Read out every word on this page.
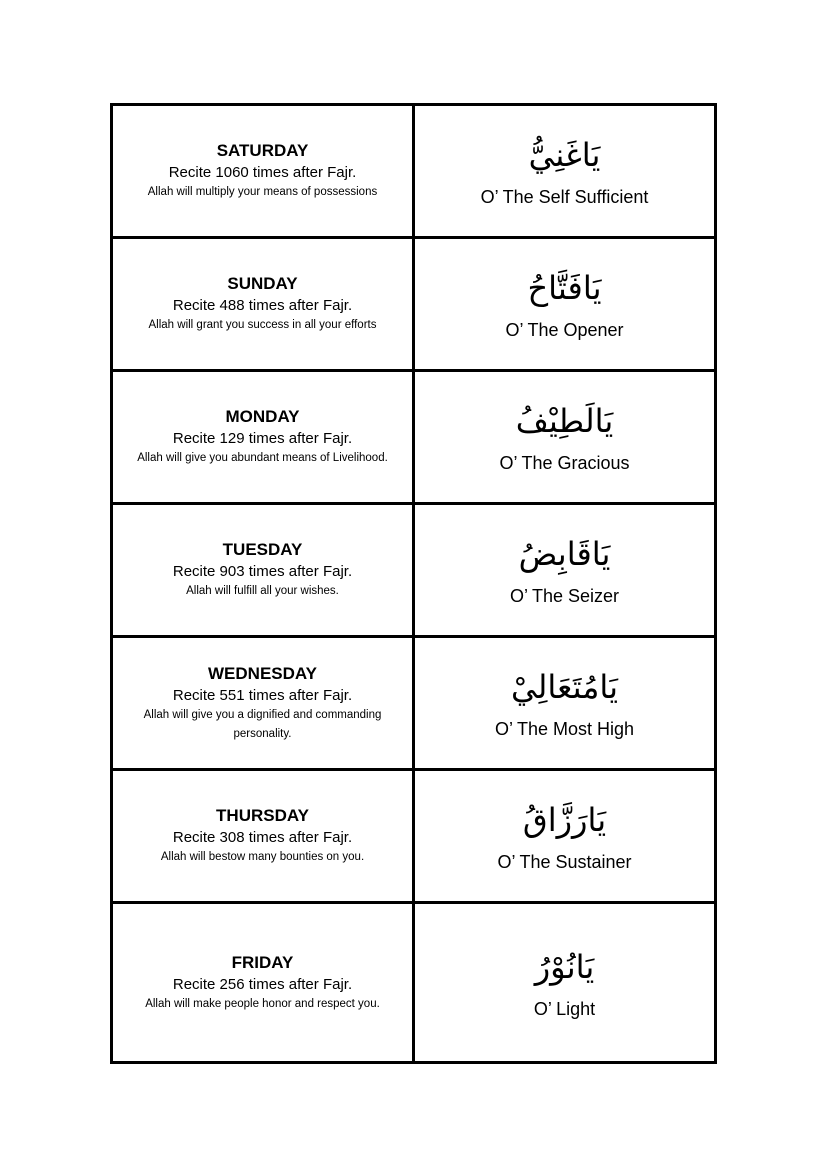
SATURDAY
Recite 1060 times after Fajr.
Allah will multiply your means of possessions
يَاغَنِيُّ
O’ The Self Sufficient
SUNDAY
Recite 488 times after Fajr.
Allah will grant you success in all your efforts
يَافَتَّاحُ
O’ The Opener
MONDAY
Recite 129 times after Fajr.
Allah will give you abundant means of Livelihood.
يَالَطِيْفُ
O’ The Gracious
TUESDAY
Recite 903 times after Fajr.
Allah will fulfill all your wishes.
يَاقَابِضُ
O’ The Seizer
WEDNESDAY
Recite 551 times after Fajr.
Allah will give you a dignified and commanding personality.
يَامُتَعَالِيْ
O’ The Most High
THURSDAY
Recite 308 times after Fajr.
Allah will bestow many bounties on you.
يَارَزَّاقُ
O’ The Sustainer
FRIDAY
Recite 256 times after Fajr.
Allah will make people honor and respect you.
يَانُوْرُ
O’ Light
